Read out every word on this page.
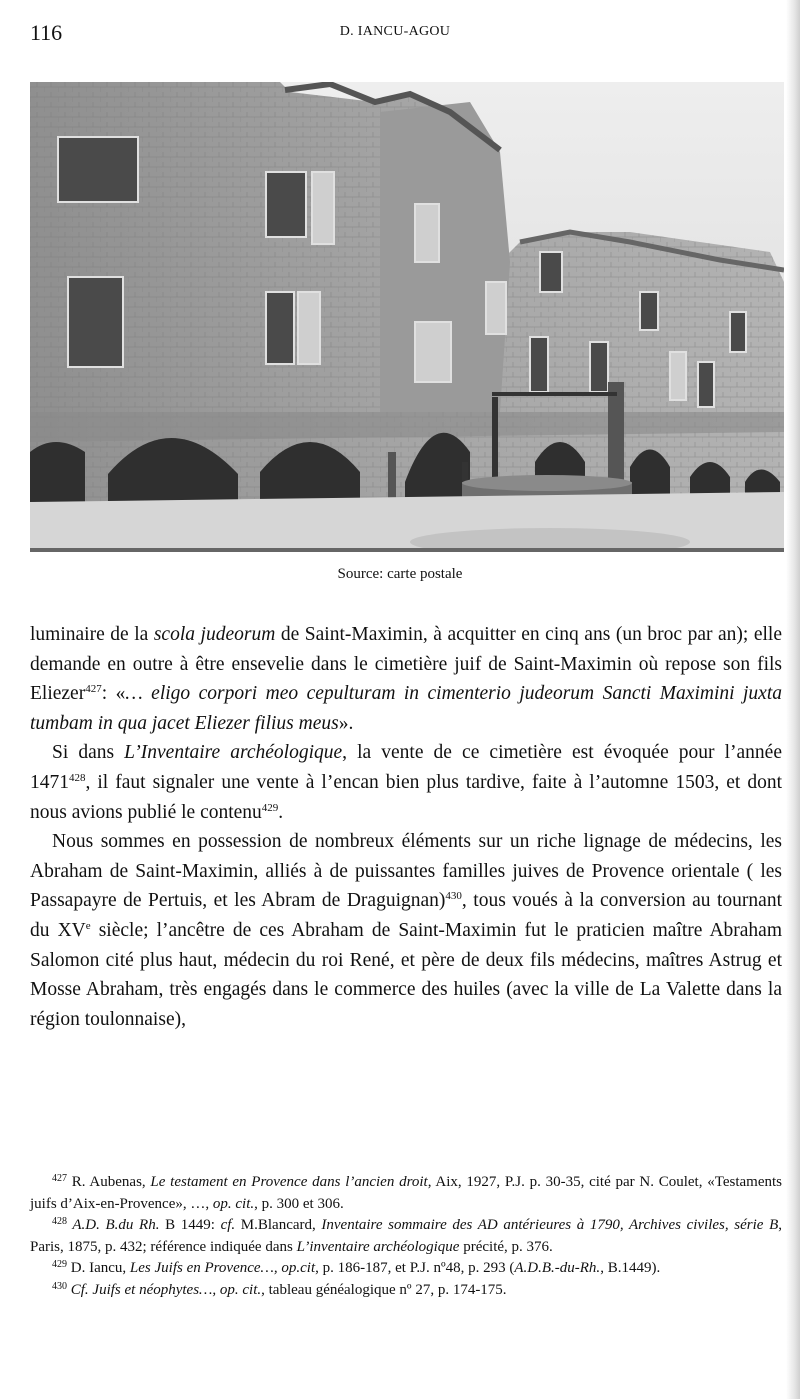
116	D. IANCU-AGOU
Source: carte postale

luminaire de la scola judeorum de Saint-Maximin, à acquitter en cinq ans (un broc par an); elle demande en outre à être ensevelie dans le cimetière juif de Saint-Maximin où repose son fils Eliezer$^{427}$: «… eligo corpori meo cepulturam in cimenterio judeorum Sancti Maximini juxta tumbam in qua jacet Eliezer filius meus».

Si dans L’Inventaire archéologique, la vente de ce cimetière est évoquée pour l’année 1471$^{428}$, il faut signaler une vente à l’encan bien plus tardive, faite à l’automne 1503, et dont nous avions publié le contenu$^{429}$.

Nous sommes en possession de nombreux éléments sur un riche lignage de médecins, les Abraham de Saint-Maximin, alliés à de puissantes familles juives de Provence orientale ( les Passapayre de Pertuis, et les Abram de Draguignan)$^{430}$, tous voués à la conversion au tournant du XVe siècle; l’ancêtre de ces Abraham de Saint-Maximin fut le praticien maître Abraham Salomon cité plus haut, médecin du roi René, et père de deux fils médecins, maîtres Astrug et Mosse Abraham, très engagés dans le commerce des huiles (avec la ville de La Valette dans la région toulonnaise),

$^{427}$ R. Aubenas, Le testament en Provence dans l’ancien droit, Aix, 1927, P.J. p. 30-35, cité par N. Coulet, «Testaments juifs d’Aix-en-Provence», …, op. cit., p. 300 et 306.

$^{428}$ A.D. B.du Rh. B 1449: cf. M.Blancard, Inventaire sommaire des AD antérieures à 1790, Archives civiles, série B, Paris, 1875, p. 432; référence indiquée dans L’inventaire archéologique précité, p. 376.

$^{429}$ D. Iancu, Les Juifs en Provence…, op.cit, p. 186-187, et P.J. nº48, p. 293 (A.D.B.-du-Rh., B.1449).

$^{430}$ Cf. Juifs et néophytes…, op. cit., tableau généalogique nº 27, p. 174-175.
